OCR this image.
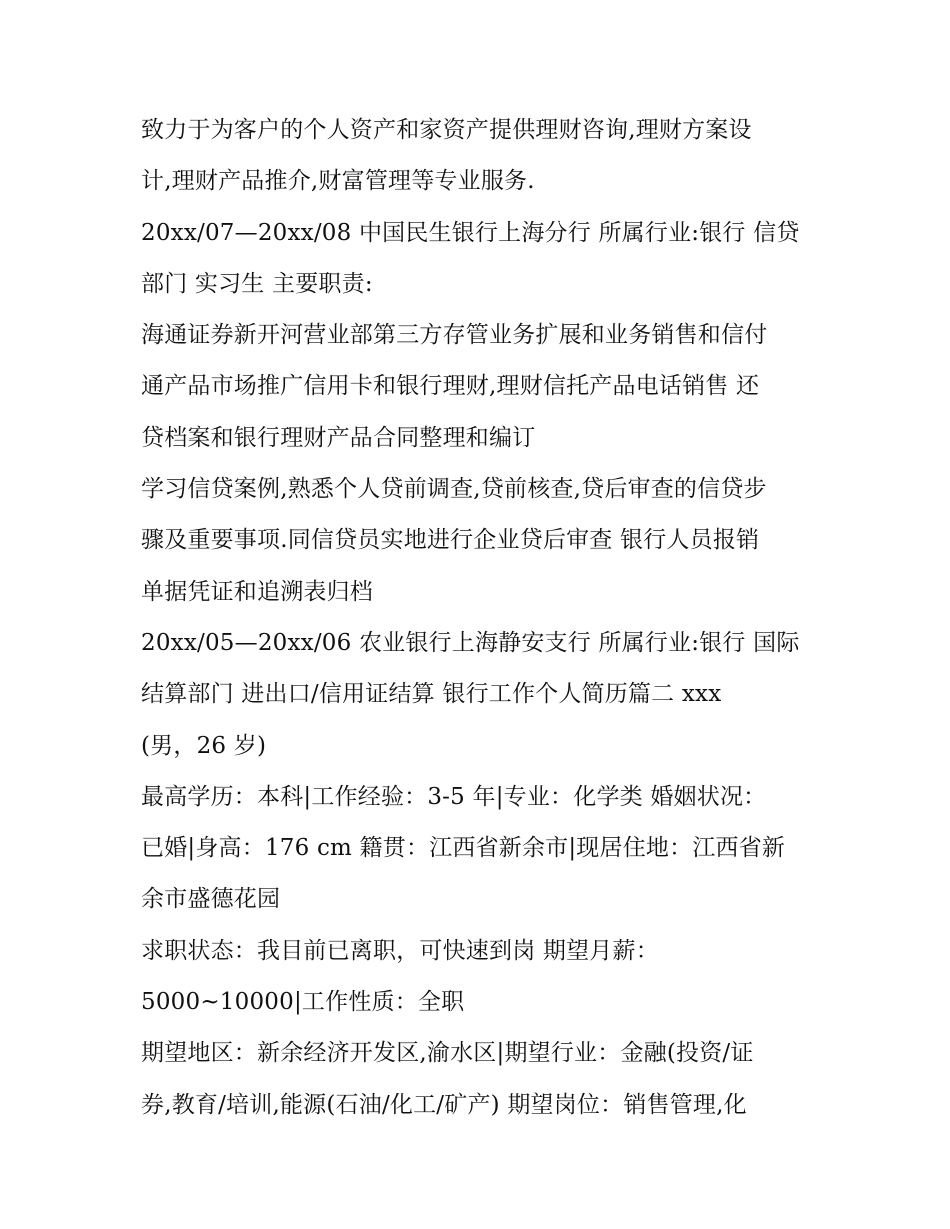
致力于为客户的个人资产和家资产提供理财咨询,理财方案设
计,理财产品推介,财富管理等专业服务.
20xx/07—20xx/08 中国民生银行上海分行 所属行业:银行 信贷
部门 实习生 主要职责:
海通证券新开河营业部第三方存管业务扩展和业务销售和信付
通产品市场推广信用卡和银行理财,理财信托产品电话销售 还
贷档案和银行理财产品合同整理和编订
学习信贷案例,熟悉个人贷前调查,贷前核查,贷后审查的信贷步
骤及重要事项.同信贷员实地进行企业贷后审查 银行人员报销
单据凭证和追溯表归档
20xx/05—20xx/06 农业银行上海静安支行 所属行业:银行 国际
结算部门 进出口/信用证结算 银行工作个人简历篇二 xxx
(男，26 岁)
最高学历：本科|工作经验：3-5 年|专业：化学类 婚姻状况：
已婚|身高：176 cm 籍贯：江西省新余市|现居住地：江西省新
余市盛德花园
求职状态：我目前已离职，可快速到岗 期望月薪：
5000~10000|工作性质：全职
期望地区：新余经济开发区,渝水区|期望行业：金融(投资/证
券,教育/培训,能源(石油/化工/矿产) 期望岗位：销售管理,化
